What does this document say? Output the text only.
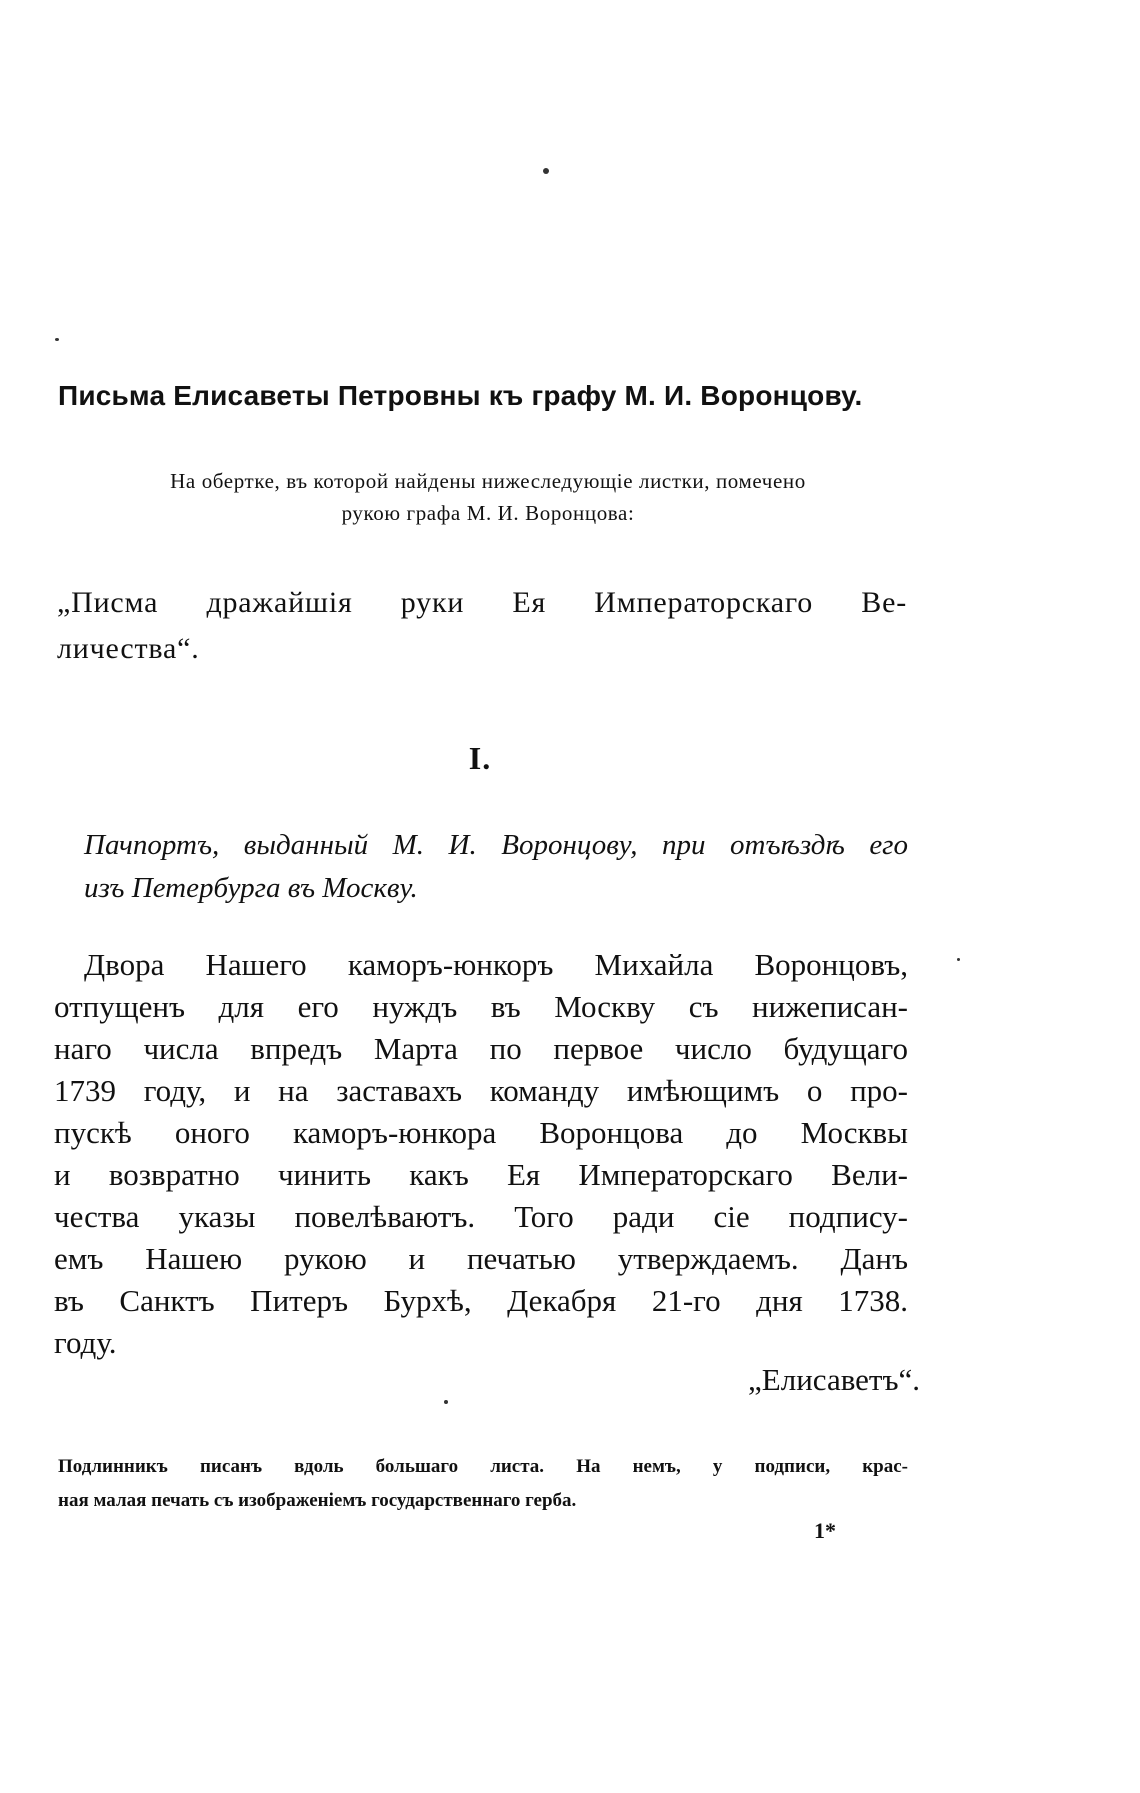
Письма Елисаветы Петровны къ графу М. И. Воронцову.

На обертке, въ которой найдены нижеследующiе листки, помечено
рукою графа М. И. Воронцова:

„Писма дражайшiя руки Ея Императорскаго Ве-
личества“.

I.

Пачпортъ, выданный М. И. Воронцову, при отъѣздѣ его
изъ Петербурга въ Москву.

Двора Нашего каморъ-юнкоръ Михайла Воронцовъ,
отпущенъ для его нуждъ въ Москву съ нижеписан-
наго числа впредъ Марта по первое число будущаго
1739 году, и на заставахъ команду имѣющимъ о про-
пускѣ оного каморъ-юнкора Воронцова до Москвы
и возвратно чинить какъ Ея Императорскаго Вели-
чества указы повелѣваютъ. Того ради сiе подпису-
емъ Нашею рукою и печатью утверждаемъ. Данъ
въ Санктъ Питеръ Бурхѣ, Декабря 21-го дня 1738.
году.

„Елисаветъ“.

Подлинникъ писанъ вдоль большаго листа. На немъ, у подписи, крас-
ная малая печать съ изображенiемъ государственнаго герба.

1*
